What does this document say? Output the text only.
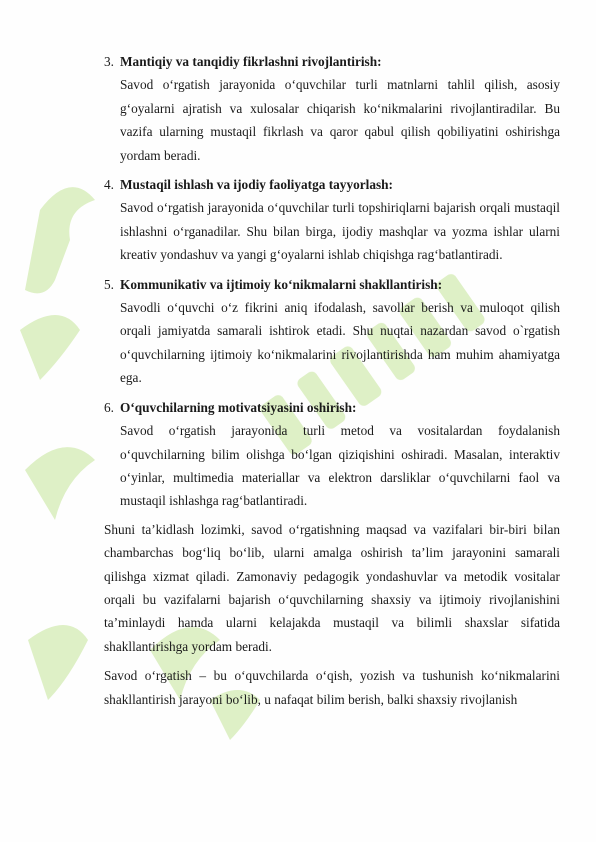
3. Mantiqiy va tanqidiy fikrlashni rivojlantirish:

Savod o‘rgatish jarayonida o‘quvchilar turli matnlarni tahlil qilish, asosiy g‘oyalarni ajratish va xulosalar chiqarish ko‘nikmalarini rivojlantiradilar. Bu vazifa ularning mustaqil fikrlash va qaror qabul qilish qobiliyatini oshirishga yordam beradi.

4. Mustaqil ishlash va ijodiy faoliyatga tayyorlash:

Savod o‘rgatish jarayonida o‘quvchilar turli topshiriqlarni bajarish orqali mustaqil ishlashni o‘rganadilar. Shu bilan birga, ijodiy mashqlar va yozma ishlar ularni kreativ yondashuv va yangi g‘oyalarni ishlab chiqishga rag‘batlantiradi.

5. Kommunikativ va ijtimoiy ko‘nikmalarni shakllantirish:

Savodli o‘quvchi o‘z fikrini aniq ifodalash, savollar berish va muloqot qilish orqali jamiyatda samarali ishtirok etadi. Shu nuqtai nazardan savod o`rgatish o‘quvchilarning ijtimoiy ko‘nikmalarini rivojlantirishda ham muhim ahamiyatga ega.

6. O‘quvchilarning motivatsiyasini oshirish:

Savod o‘rgatish jarayonida turli metod va vositalardan foydalanish o‘quvchilarning bilim olishga bo‘lgan qiziqishini oshiradi. Masalan, interaktiv o‘yinlar, multimedia materiallar va elektron darsliklar o‘quvchilarni faol va mustaqil ishlashga rag‘batlantiradi.

Shuni ta’kidlash lozimki, savod o‘rgatishning maqsad va vazifalari bir-biri bilan chambarchas bog‘liq bo‘lib, ularni amalga oshirish ta’lim jarayonini samarali qilishga xizmat qiladi. Zamonaviy pedagogik yondashuvlar va metodik vositalar orqali bu vazifalarni bajarish o‘quvchilarning shaxsiy va ijtimoiy rivojlanishini ta’minlaydi hamda ularni kelajakda mustaqil va bilimli shaxslar sifatida shakllantirishga yordam beradi.

Savod o‘rgatish – bu o‘quvchilarda o‘qish, yozish va tushunish ko‘nikmalarini shakllantirish jarayoni bo‘lib, u nafaqat bilim berish, balki shaxsiy rivojlanish
